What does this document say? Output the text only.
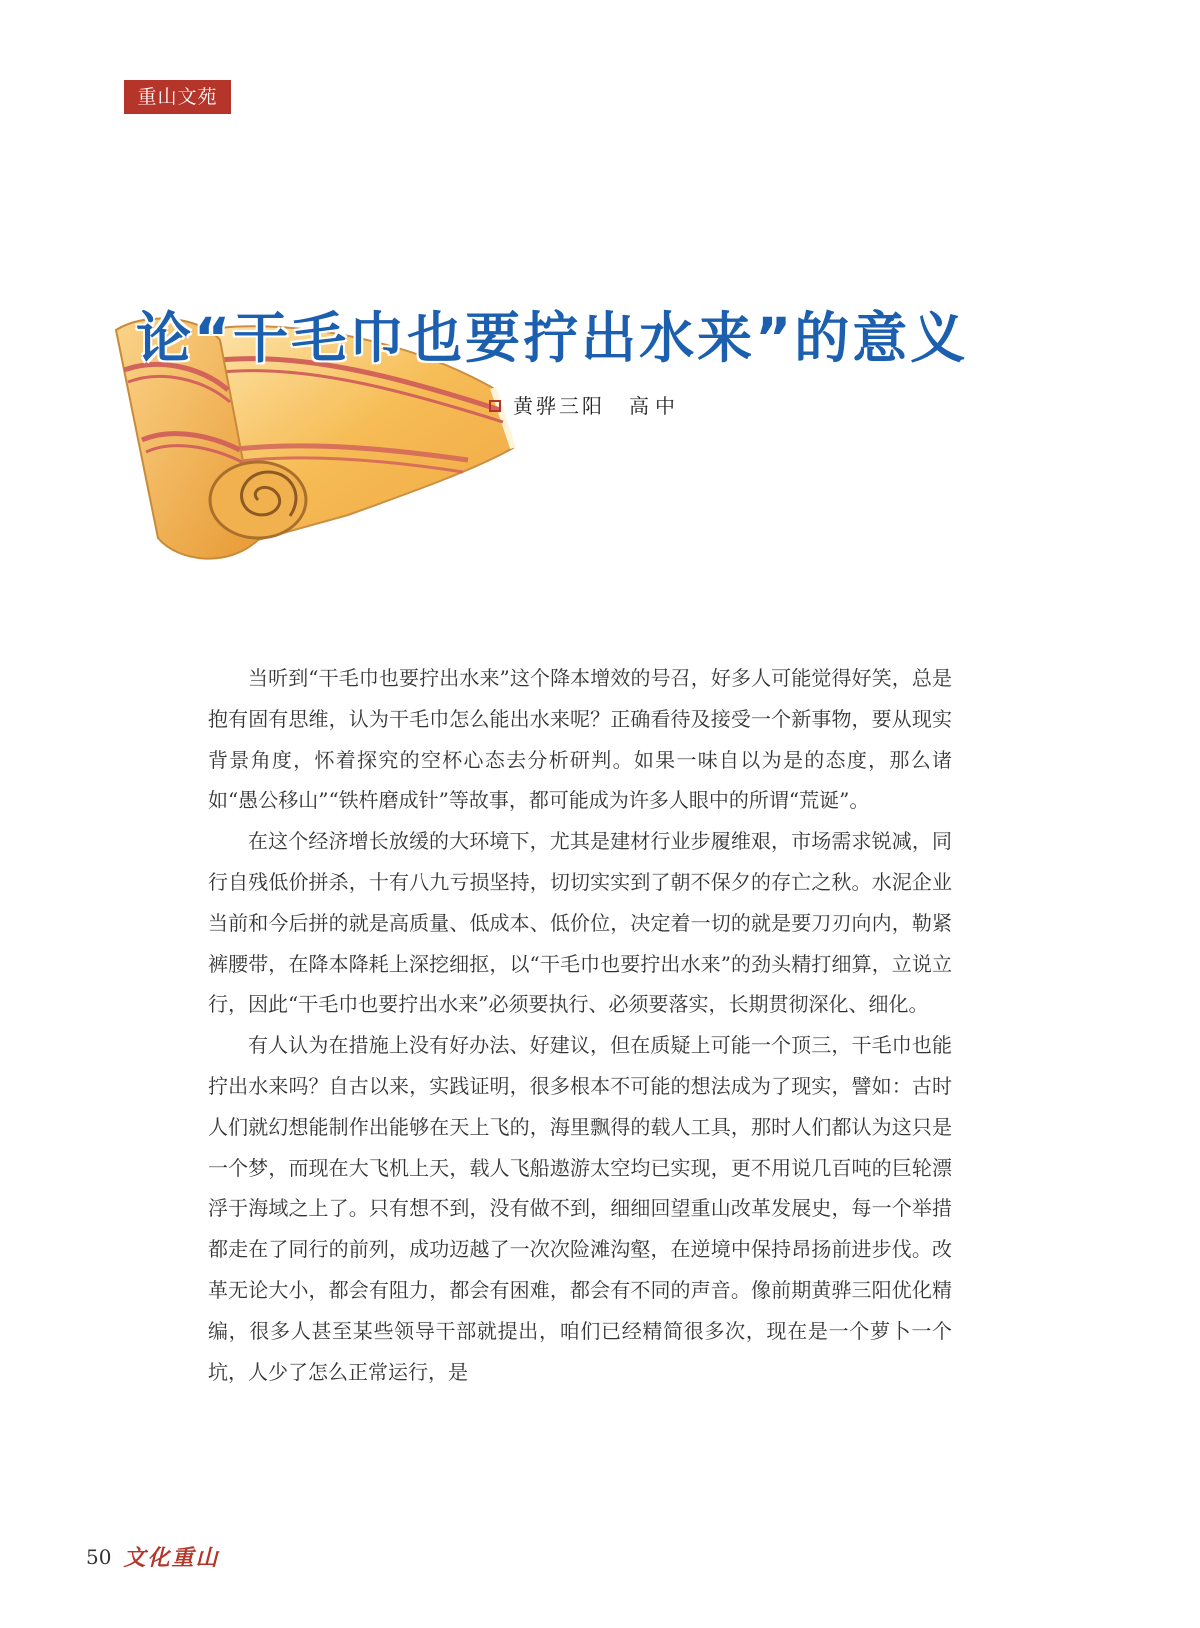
重山文苑
论“干毛巾也要拧出水来”的意义
黄骅三阳 高中

当听到“干毛巾也要拧出水来”这个降本增效的号召，好多人可能觉得好笑，总是抱有固有思维，认为干毛巾怎么能出水来呢？正确看待及接受一个新事物，要从现实背景角度，怀着探究的空杯心态去分析研判。如果一味自以为是的态度，那么诸如“愚公移山”“铁杵磨成针”等故事，都可能成为许多人眼中的所谓“荒诞”。

在这个经济增长放缓的大环境下，尤其是建材行业步履维艰，市场需求锐减，同行自残低价拼杀，十有八九亏损坚持，切切实实到了朝不保夕的存亡之秋。水泥企业当前和今后拼的就是高质量、低成本、低价位，决定着一切的就是要刀刃向内，勒紧裤腰带，在降本降耗上深挖细抠，以“干毛巾也要拧出水来”的劲头精打细算，立说立行，因此“干毛巾也要拧出水来”必须要执行、必须要落实，长期贯彻深化、细化。

有人认为在措施上没有好办法、好建议，但在质疑上可能一个顶三，干毛巾也能拧出水来吗？自古以来，实践证明，很多根本不可能的想法成为了现实，譬如：古时人们就幻想能制作出能够在天上飞的，海里飘得的载人工具，那时人们都认为这只是一个梦，而现在大飞机上天，载人飞船遨游太空均已实现，更不用说几百吨的巨轮漂浮于海域之上了。只有想不到，没有做不到，细细回望重山改革发展史，每一个举措都走在了同行的前列，成功迈越了一次次险滩沟壑，在逆境中保持昂扬前进步伐。改革无论大小，都会有阻力，都会有困难，都会有不同的声音。像前期黄骅三阳优化精编，很多人甚至某些领导干部就提出，咱们已经精简很多次，现在是一个萝卜一个坑，人少了怎么正常运行，是

50 文化重山
